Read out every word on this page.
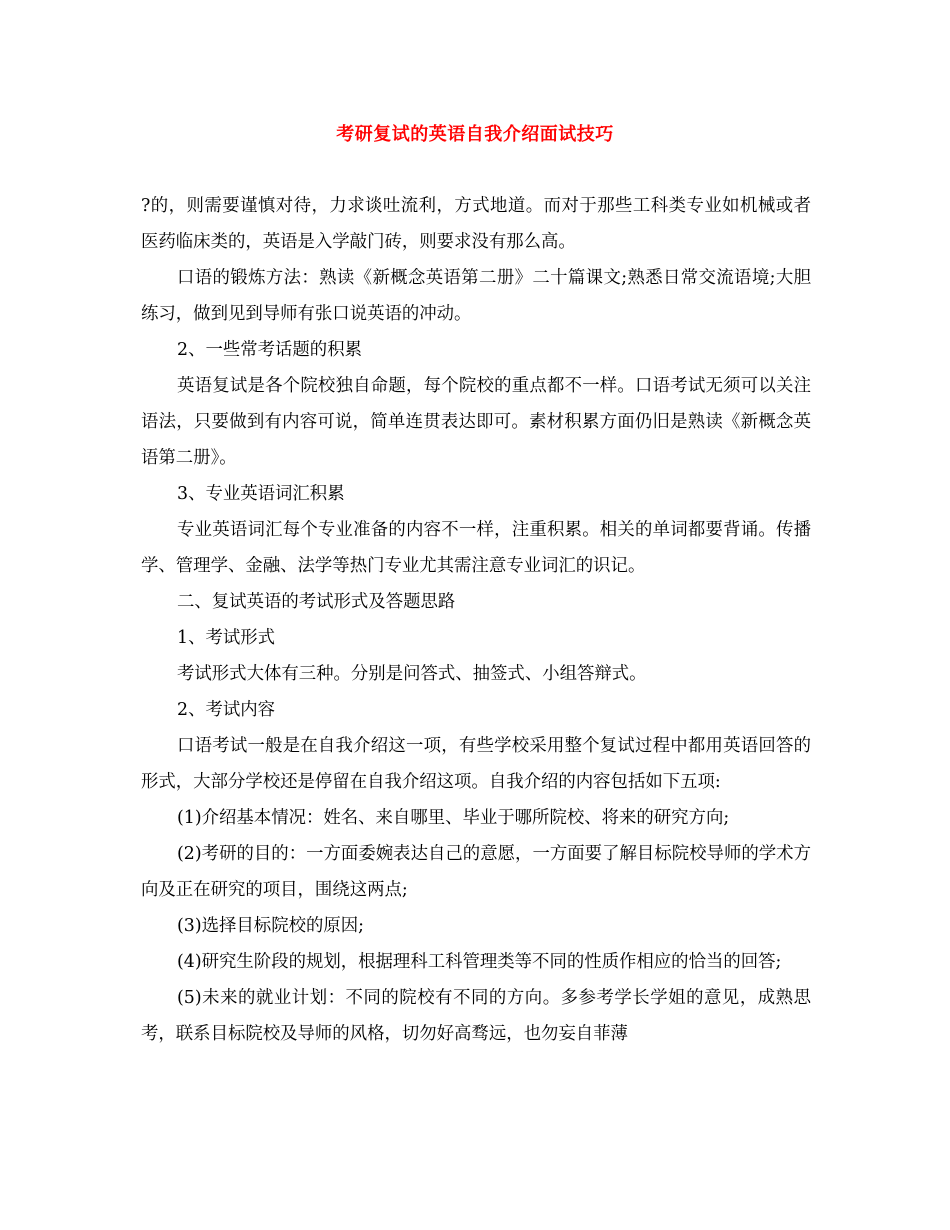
考研复试的英语自我介绍面试技巧

?的，则需要谨慎对待，力求谈吐流利，方式地道。而对于那些工科类专业如机械或者医药临床类的，英语是入学敲门砖，则要求没有那么高。

口语的锻炼方法：熟读《新概念英语第二册》二十篇课文;熟悉日常交流语境;大胆练习，做到见到导师有张口说英语的冲动。

2、一些常考话题的积累

英语复试是各个院校独自命题，每个院校的重点都不一样。口语考试无须可以关注语法，只要做到有内容可说，简单连贯表达即可。素材积累方面仍旧是熟读《新概念英语第二册》。

3、专业英语词汇积累

专业英语词汇每个专业准备的内容不一样，注重积累。相关的单词都要背诵。传播学、管理学、金融、法学等热门专业尤其需注意专业词汇的识记。

二、复试英语的考试形式及答题思路

1、考试形式

考试形式大体有三种。分别是问答式、抽签式、小组答辩式。

2、考试内容

口语考试一般是在自我介绍这一项，有些学校采用整个复试过程中都用英语回答的形式，大部分学校还是停留在自我介绍这项。自我介绍的内容包括如下五项:

(1)介绍基本情况：姓名、来自哪里、毕业于哪所院校、将来的研究方向;

(2)考研的目的：一方面委婉表达自己的意愿，一方面要了解目标院校导师的学术方向及正在研究的项目，围绕这两点;

(3)选择目标院校的原因;

(4)研究生阶段的规划，根据理科工科管理类等不同的性质作相应的恰当的回答;

(5)未来的就业计划：不同的院校有不同的方向。多参考学长学姐的意见，成熟思考，联系目标院校及导师的风格，切勿好高骛远，也勿妄自菲薄
